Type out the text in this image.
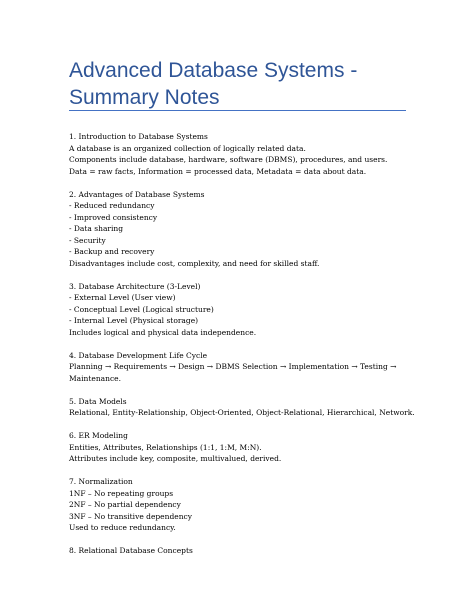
Advanced Database Systems - Summary Notes
1. Introduction to Database Systems
A database is an organized collection of logically related data.
Components include database, hardware, software (DBMS), procedures, and users.
Data = raw facts, Information = processed data, Metadata = data about data.
2. Advantages of Database Systems
- Reduced redundancy
- Improved consistency
- Data sharing
- Security
- Backup and recovery
Disadvantages include cost, complexity, and need for skilled staff.
3. Database Architecture (3-Level)
- External Level (User view)
- Conceptual Level (Logical structure)
- Internal Level (Physical storage)
Includes logical and physical data independence.
4. Database Development Life Cycle
Planning → Requirements → Design → DBMS Selection → Implementation → Testing → Maintenance.
5. Data Models
Relational, Entity-Relationship, Object-Oriented, Object-Relational, Hierarchical, Network.
6. ER Modeling
Entities, Attributes, Relationships (1:1, 1:M, M:N).
Attributes include key, composite, multivalued, derived.
7. Normalization
1NF – No repeating groups
2NF – No partial dependency
3NF – No transitive dependency
Used to reduce redundancy.
8. Relational Database Concepts
